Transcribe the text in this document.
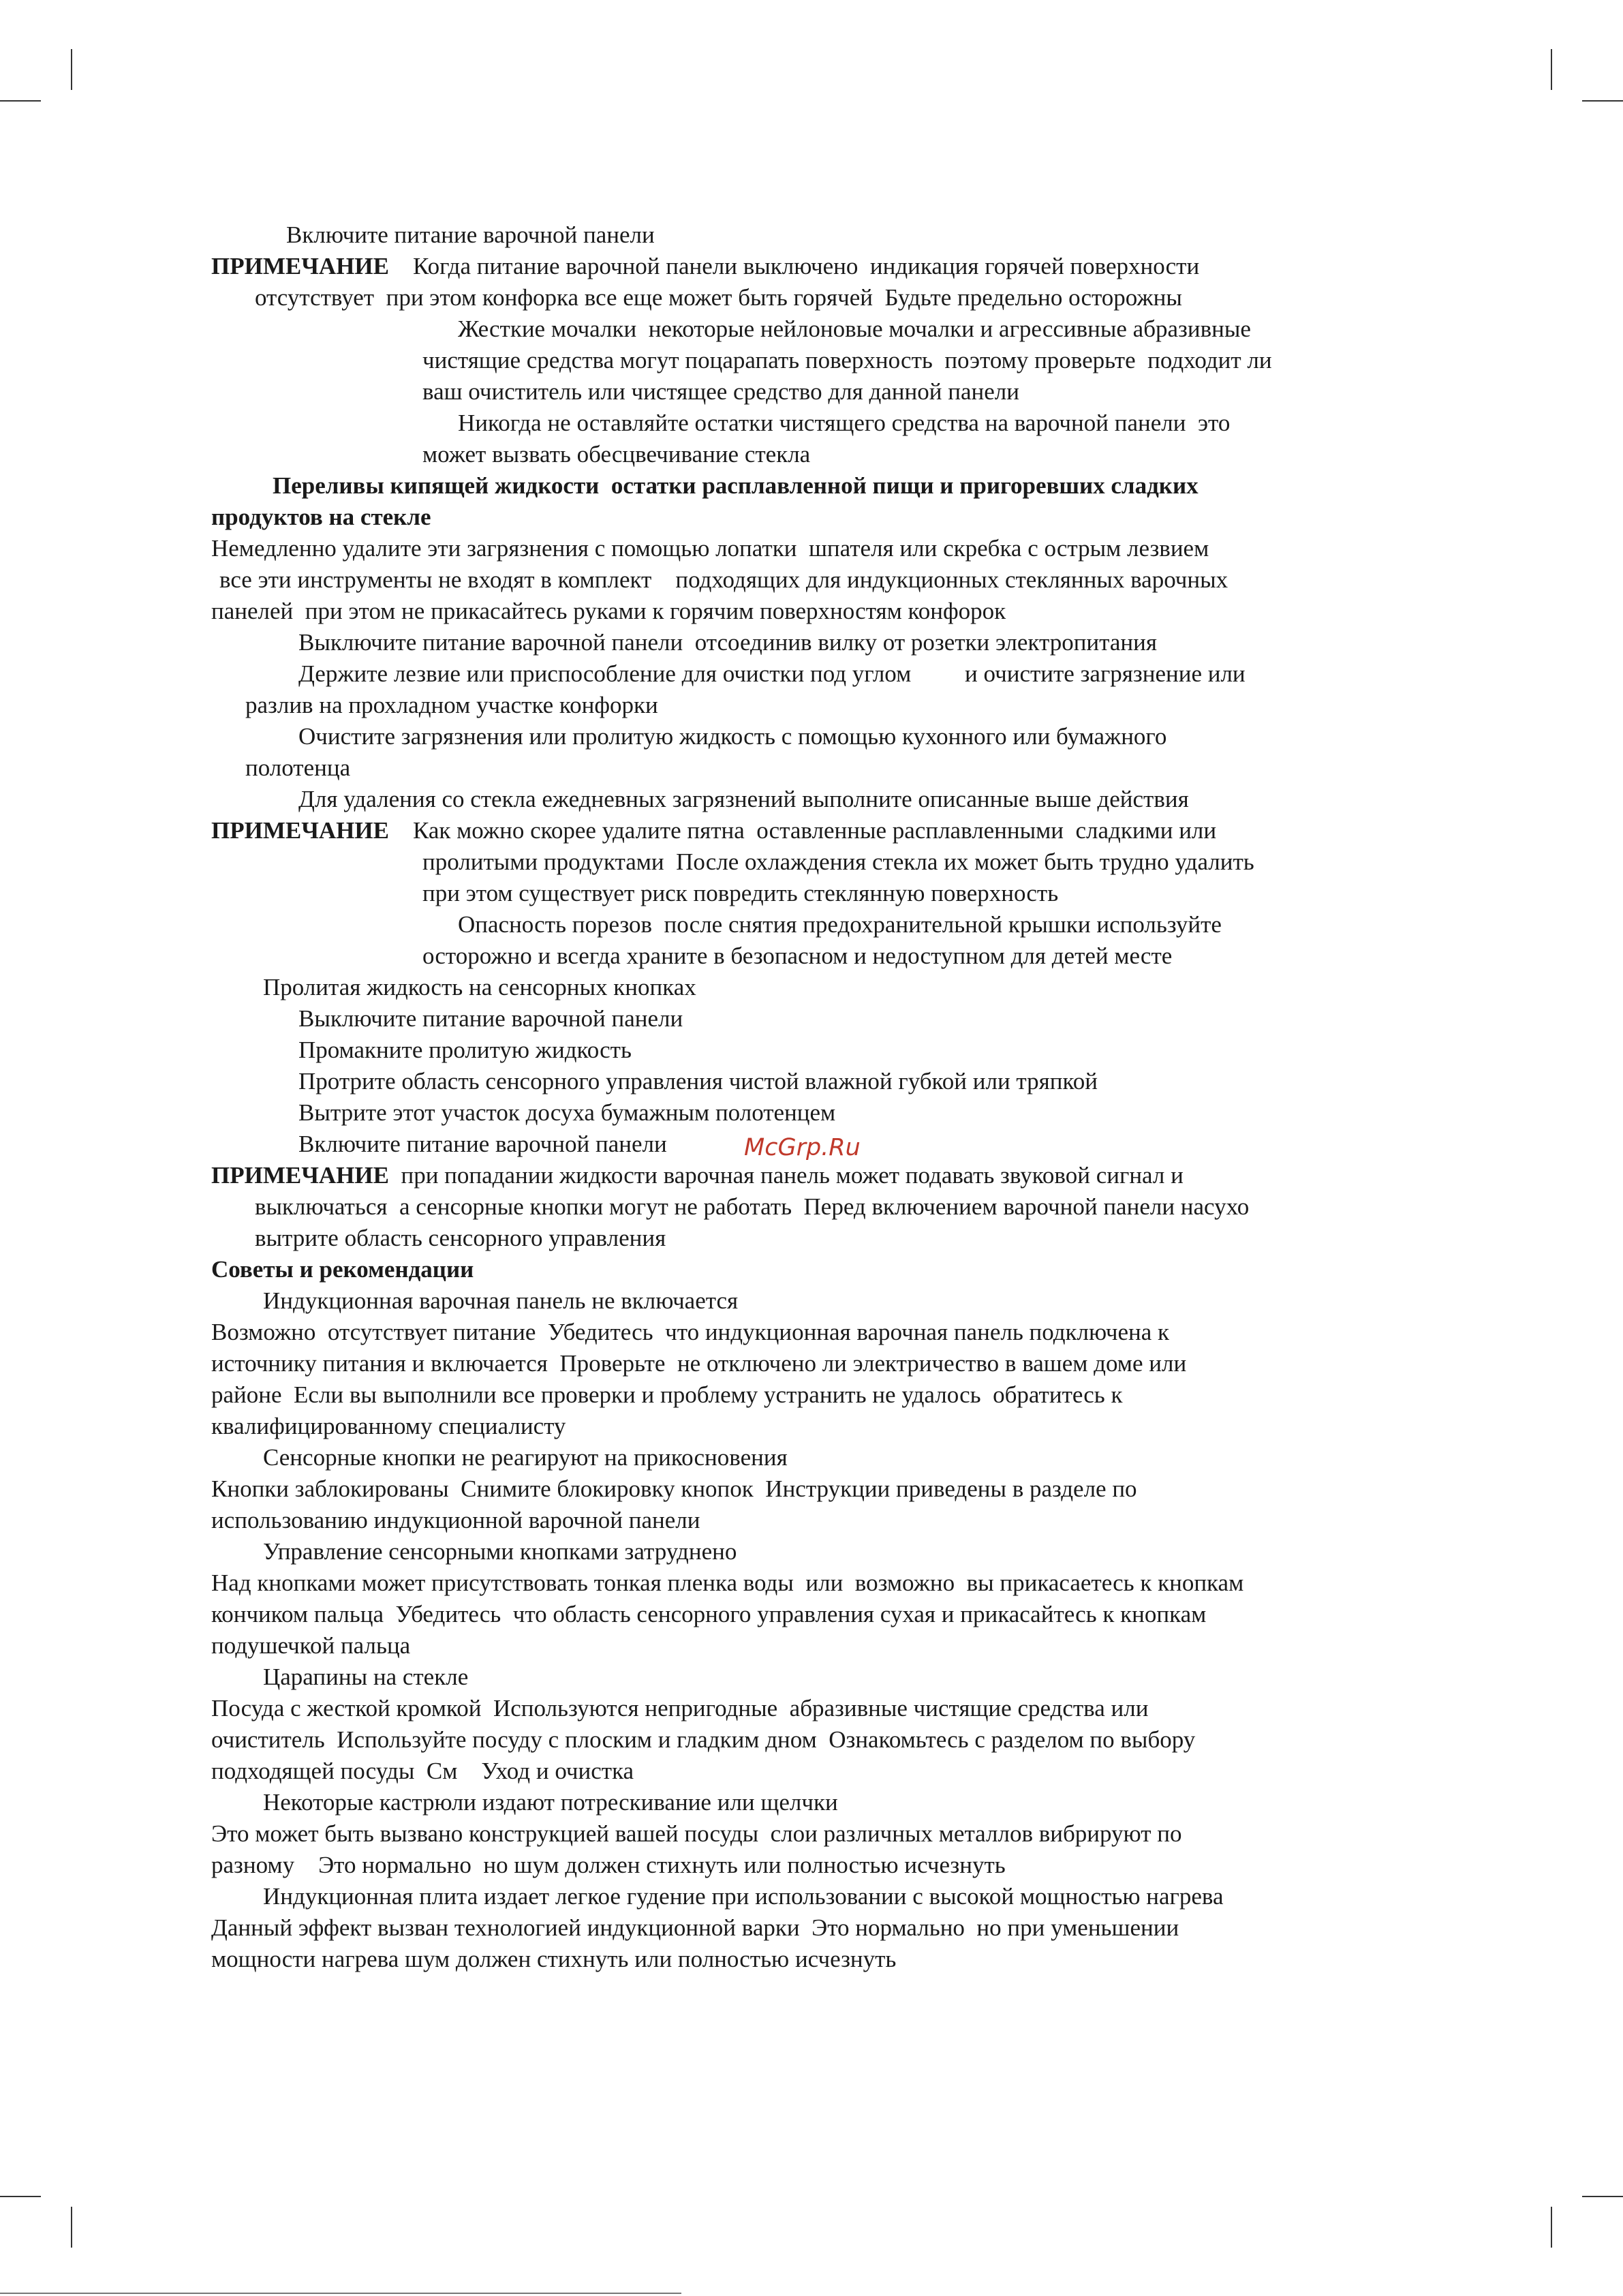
Включите питание варочной панели
ПРИМЕЧАНИЕ Когда питание варочной панели выключено  индикация горячей поверхности
отсутствует  при этом конфорка все еще может быть горячей  Будьте предельно осторожны
Жесткие мочалки  некоторые нейлоновые мочалки и агрессивные абразивные
чистящие средства могут поцарапать поверхность  поэтому проверьте  подходит ли
ваш очиститель или чистящее средство для данной панели
Никогда не оставляйте остатки чистящего средства на варочной панели  это
может вызвать обесцвечивание стекла
Переливы кипящей жидкости  остатки расплавленной пищи и пригоревших сладких
продуктов на стекле
Немедленно удалите эти загрязнения с помощью лопатки  шпателя или скребка с острым лезвием
все эти инструменты не входят в комплект    подходящих для индукционных стеклянных варочных
панелей  при этом не прикасайтесь руками к горячим поверхностям конфорок
Выключите питание варочной панели  отсоединив вилку от розетки электропитания
Держите лезвие или приспособление для очистки под углом         и очистите загрязнение или
разлив на прохладном участке конфорки
Очистите загрязнения или пролитую жидкость с помощью кухонного или бумажного
полотенца
Для удаления со стекла ежедневных загрязнений выполните описанные выше действия
ПРИМЕЧАНИЕ Как можно скорее удалите пятна  оставленные расплавленными  сладкими или
пролитыми продуктами  После охлаждения стекла их может быть трудно удалить
при этом существует риск повредить стеклянную поверхность
Опасность порезов  после снятия предохранительной крышки используйте
осторожно и всегда храните в безопасном и недоступном для детей месте
Пролитая жидкость на сенсорных кнопках
Выключите питание варочной панели
Промакните пролитую жидкость
Протрите область сенсорного управления чистой влажной губкой или тряпкой
Вытрите этот участок досуха бумажным полотенцем
Включите питание варочной панели	McGrp.Ru
ПРИМЕЧАНИЕ при попадании жидкости варочная панель может подавать звуковой сигнал и
выключаться  а сенсорные кнопки могут не работать  Перед включением варочной панели насухо
вытрите область сенсорного управления
Советы и рекомендации
Индукционная варочная панель не включается
Возможно  отсутствует питание  Убедитесь  что индукционная варочная панель подключена к
источнику питания и включается  Проверьте  не отключено ли электричество в вашем доме или
районе  Если вы выполнили все проверки и проблему устранить не удалось  обратитесь к
квалифицированному специалисту
Сенсорные кнопки не реагируют на прикосновения
Кнопки заблокированы  Снимите блокировку кнопок  Инструкции приведены в разделе по
использованию индукционной варочной панели
Управление сенсорными кнопками затруднено
Над кнопками может присутствовать тонкая пленка воды  или  возможно  вы прикасаетесь к кнопкам
кончиком пальца  Убедитесь  что область сенсорного управления сухая и прикасайтесь к кнопкам
подушечкой пальца
Царапины на стекле
Посуда с жесткой кромкой  Используются непригодные  абразивные чистящие средства или
очиститель  Используйте посуду с плоским и гладким дном  Ознакомьтесь с разделом по выбору
подходящей посуды  См    Уход и очистка
Некоторые кастрюли издают потрескивание или щелчки
Это может быть вызвано конструкцией вашей посуды  слои различных металлов вибрируют по
разному    Это нормально  но шум должен стихнуть или полностью исчезнуть
Индукционная плита издает легкое гудение при использовании с высокой мощностью нагрева
Данный эффект вызван технологией индукционной варки  Это нормально  но при уменьшении
мощности нагрева шум должен стихнуть или полностью исчезнуть
